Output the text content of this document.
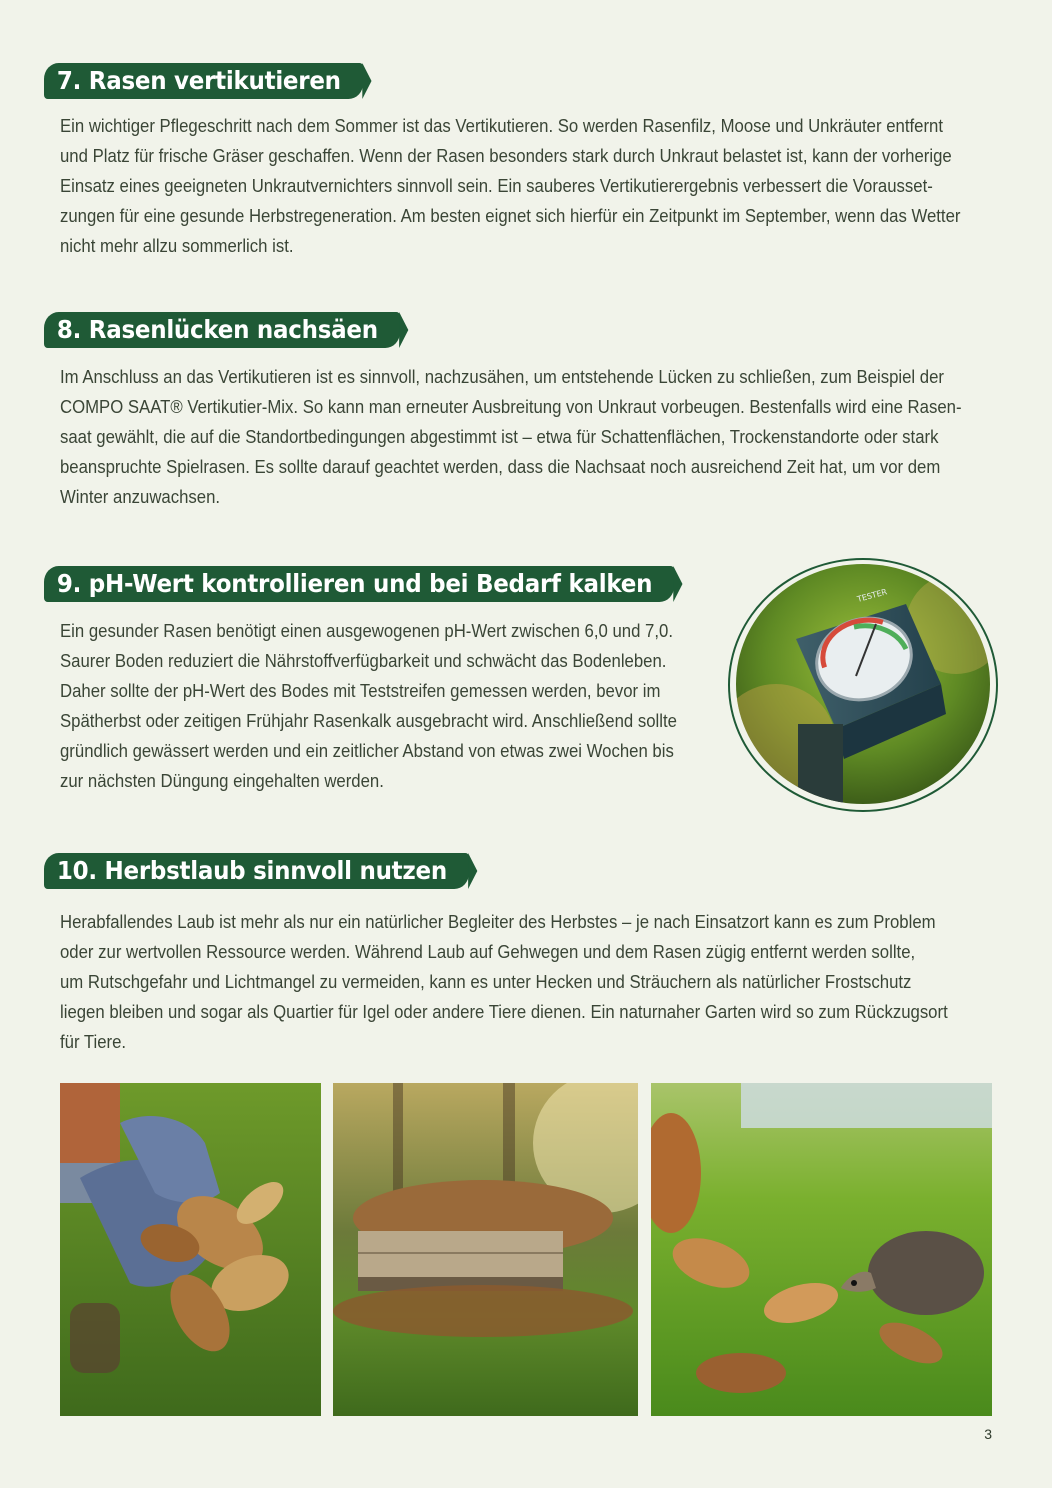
7. Rasen vertikutieren
Ein wichtiger Pflegeschritt nach dem Sommer ist das Vertikutieren. So werden Rasenfilz, Moose und Unkräuter entfernt
und Platz für frische Gräser geschaffen. Wenn der Rasen besonders stark durch Unkraut belastet ist, kann der vorherige
Einsatz eines geeigneten Unkrautvernichters sinnvoll sein. Ein sauberes Vertikutierergebnis verbessert die Vorausset-
zungen für eine gesunde Herbstregeneration. Am besten eignet sich hierfür ein Zeitpunkt im September, wenn das Wetter
nicht mehr allzu sommerlich ist.
8. Rasenlücken nachsäen
Im Anschluss an das Vertikutieren ist es sinnvoll, nachzusähen, um entstehende Lücken zu schließen, zum Beispiel der
COMPO SAAT® Vertikutier-Mix. So kann man erneuter Ausbreitung von Unkraut vorbeugen. Bestenfalls wird eine Rasen-
saat gewählt, die auf die Standortbedingungen abgestimmt ist – etwa für Schattenflächen, Trockenstandorte oder stark
beanspruchte Spielrasen. Es sollte darauf geachtet werden, dass die Nachsaat noch ausreichend Zeit hat, um vor dem
Winter anzuwachsen.
9. pH-Wert kontrollieren und bei Bedarf kalken
Ein gesunder Rasen benötigt einen ausgewogenen pH-Wert zwischen 6,0 und 7,0.
Saurer Boden reduziert die Nährstoffverfügbarkeit und schwächt das Bodenleben.
Daher sollte der pH-Wert des Bodes mit Teststreifen gemessen werden, bevor im
Spätherbst oder zeitigen Frühjahr Rasenkalk ausgebracht wird. Anschließend sollte
gründlich gewässert werden und ein zeitlicher Abstand von etwas zwei Wochen bis
zur nächsten Düngung eingehalten werden.
TESTER
10. Herbstlaub sinnvoll nutzen
Herabfallendes Laub ist mehr als nur ein natürlicher Begleiter des Herbstes – je nach Einsatzort kann es zum Problem
oder zur wertvollen Ressource werden. Während Laub auf Gehwegen und dem Rasen zügig entfernt werden sollte,
um Rutschgefahr und Lichtmangel zu vermeiden, kann es unter Hecken und Sträuchern als natürlicher Frostschutz
liegen bleiben und sogar als Quartier für Igel oder andere Tiere dienen. Ein naturnaher Garten wird so zum Rückzugsort
für Tiere.
3
